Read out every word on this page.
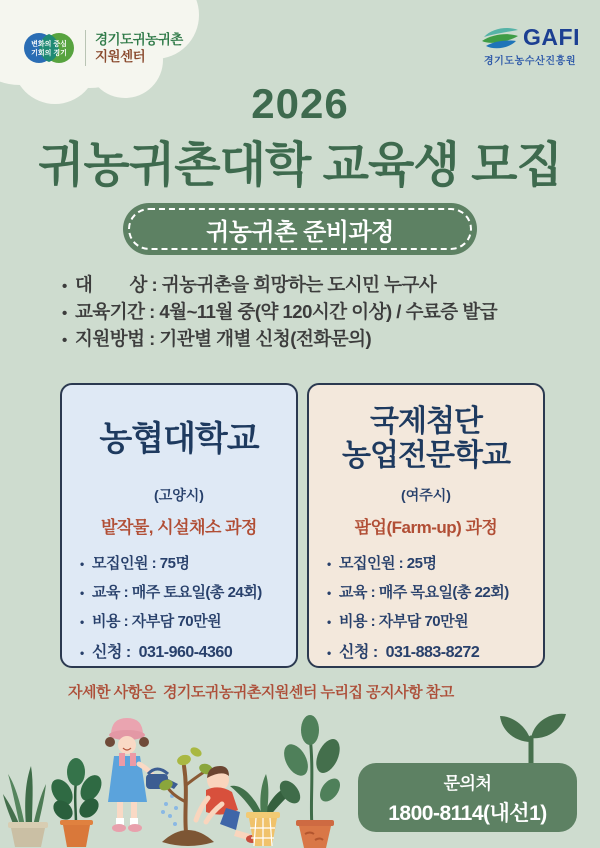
변화의 중심
기회의 경기
경기도귀농귀촌
지원센터
GAFI
경기도농수산진흥원
2026
귀농귀촌대학 교육생 모집
귀농귀촌 준비과정
• 대        상 : 귀농귀촌을 희망하는 도시민 누구사
• 교육기간 : 4월~11월 중(약 120시간 이상) / 수료증 발급
• 지원방법 : 기관별 개별 신청(전화문의)
농협대학교
(고양시)
밭작물, 시설채소 과정
• 모집인원 : 75명
• 교육 : 매주 토요일(총 24회)
• 비용 : 자부담 70만원
• 신청 :  031-960-4360
국제첨단
농업전문학교
(여주시)
팜업(Farm-up) 과정
• 모집인원 : 25명
• 교육 : 매주 목요일(총 22회)
• 비용 : 자부담 70만원
• 신청 :  031-883-8272
자세한 사항은  경기도귀농귀촌지원센터 누리집 공지사항 참고
문의처
1800-8114(내선1)
